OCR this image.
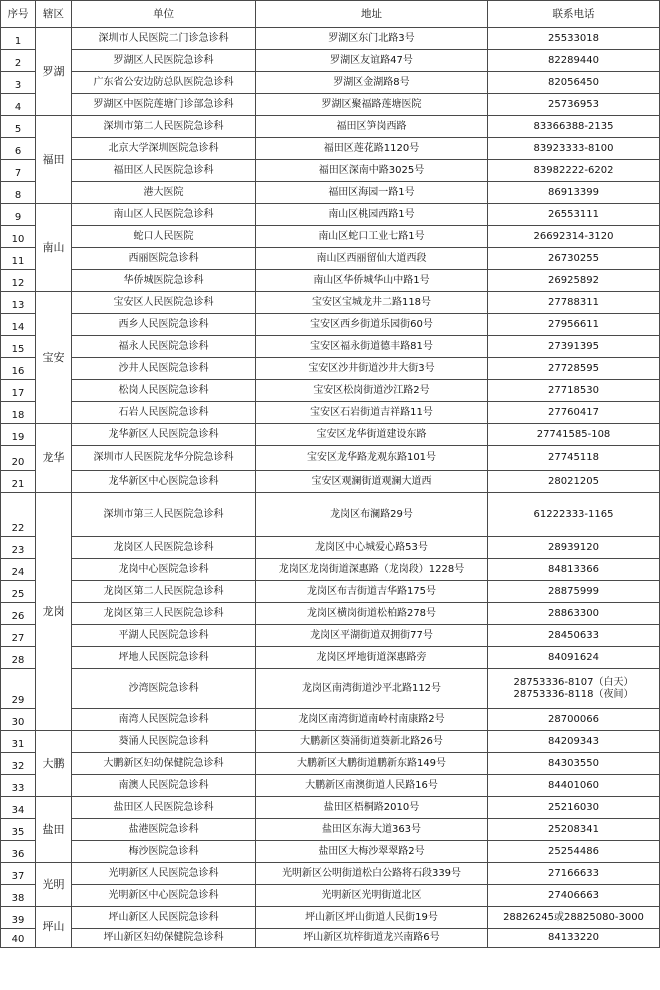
序号	辖区	单位	地址	联系电话
1	罗湖	深圳市人民医院二门诊急诊科	罗湖区东门北路3号	25533018
2		罗湖区人民医院急诊科	罗湖区友谊路47号	82289440
3		广东省公安边防总队医院急诊科	罗湖区金湖路8号	82056450
4		罗湖区中医院莲塘门诊部急诊科	罗湖区聚福路莲塘医院	25736953
5	福田	深圳市第二人民医院急诊科	福田区笋岗西路	83366388-2135
6		北京大学深圳医院急诊科	福田区莲花路1120号	83923333-8100
7		福田区人民医院急诊科	福田区深南中路3025号	83982222-6202
8		港大医院	福田区海园一路1号	86913399
9	南山	南山区人民医院急诊科	南山区桃园西路1号	26553111
10		蛇口人民医院	南山区蛇口工业七路1号	26692314-3120
11		西丽医院急诊科	南山区西丽留仙大道西段	26730255
12		华侨城医院急诊科	南山区华侨城华山中路1号	26925892
13	宝安	宝安区人民医院急诊科	宝安区宝城龙井二路118号	27788311
14		西乡人民医院急诊科	宝安区西乡街道乐园街60号	27956611
15		福永人民医院急诊科	宝安区福永街道德丰路81号	27391395
16		沙井人民医院急诊科	宝安区沙井街道沙井大街3号	27728595
17		松岗人民医院急诊科	宝安区松岗街道沙江路2号	27718530
18		石岩人民医院急诊科	宝安区石岩街道吉祥路11号	27760417
19	龙华	龙华新区人民医院急诊科	宝安区龙华街道建设东路	27741585-108
20		深圳市人民医院龙华分院急诊科	宝安区龙华路龙观东路101号	27745118
21		龙华新区中心医院急诊科	宝安区观澜街道观澜大道西	28021205
22	龙岗	深圳市第三人民医院急诊科	龙岗区布澜路29号	61222333-1165
23		龙岗区人民医院急诊科	龙岗区中心城爱心路53号	28939120
24		龙岗中心医院急诊科	龙岗区龙岗街道深惠路（龙岗段）1228号	84813366
25		龙岗区第二人民医院急诊科	龙岗区布吉街道吉华路175号	28875999
26		龙岗区第三人民医院急诊科	龙岗区横岗街道松柏路278号	28863300
27		平湖人民医院急诊科	龙岗区平湖街道双拥街77号	28450633
28		坪地人民医院急诊科	龙岗区坪地街道深惠路旁	84091624
29		沙湾医院急诊科	龙岗区南湾街道沙平北路112号	28753336-8107（白天）
28753336-8118（夜间）

30		南湾人民医院急诊科	龙岗区南湾街道南岭村南康路2号	28700066
31	大鹏	葵涌人民医院急诊科	大鹏新区葵涌街道葵新北路26号	84209343
32		大鹏新区妇幼保健院急诊科	大鹏新区大鹏街道鹏新东路149号	84303550
33		南澳人民医院急诊科	大鹏新区南澳街道人民路16号	84401060
34	盐田	盐田区人民医院急诊科	盐田区梧桐路2010号	25216030
35		盐港医院急诊科	盐田区东海大道363号	25208341
36		梅沙医院急诊科	盐田区大梅沙翠翠路2号	25254486
37	光明	光明新区人民医院急诊科	光明新区公明街道松白公路将石段339号	27166633
38		光明新区中心医院急诊科	光明新区光明街道北区	27406663
39	坪山	坪山新区人民医院急诊科	坪山新区坪山街道人民街19号	28826245或28825080-3000
40		坪山新区妇幼保健院急诊科	坪山新区坑梓街道龙兴南路6号	84133220
